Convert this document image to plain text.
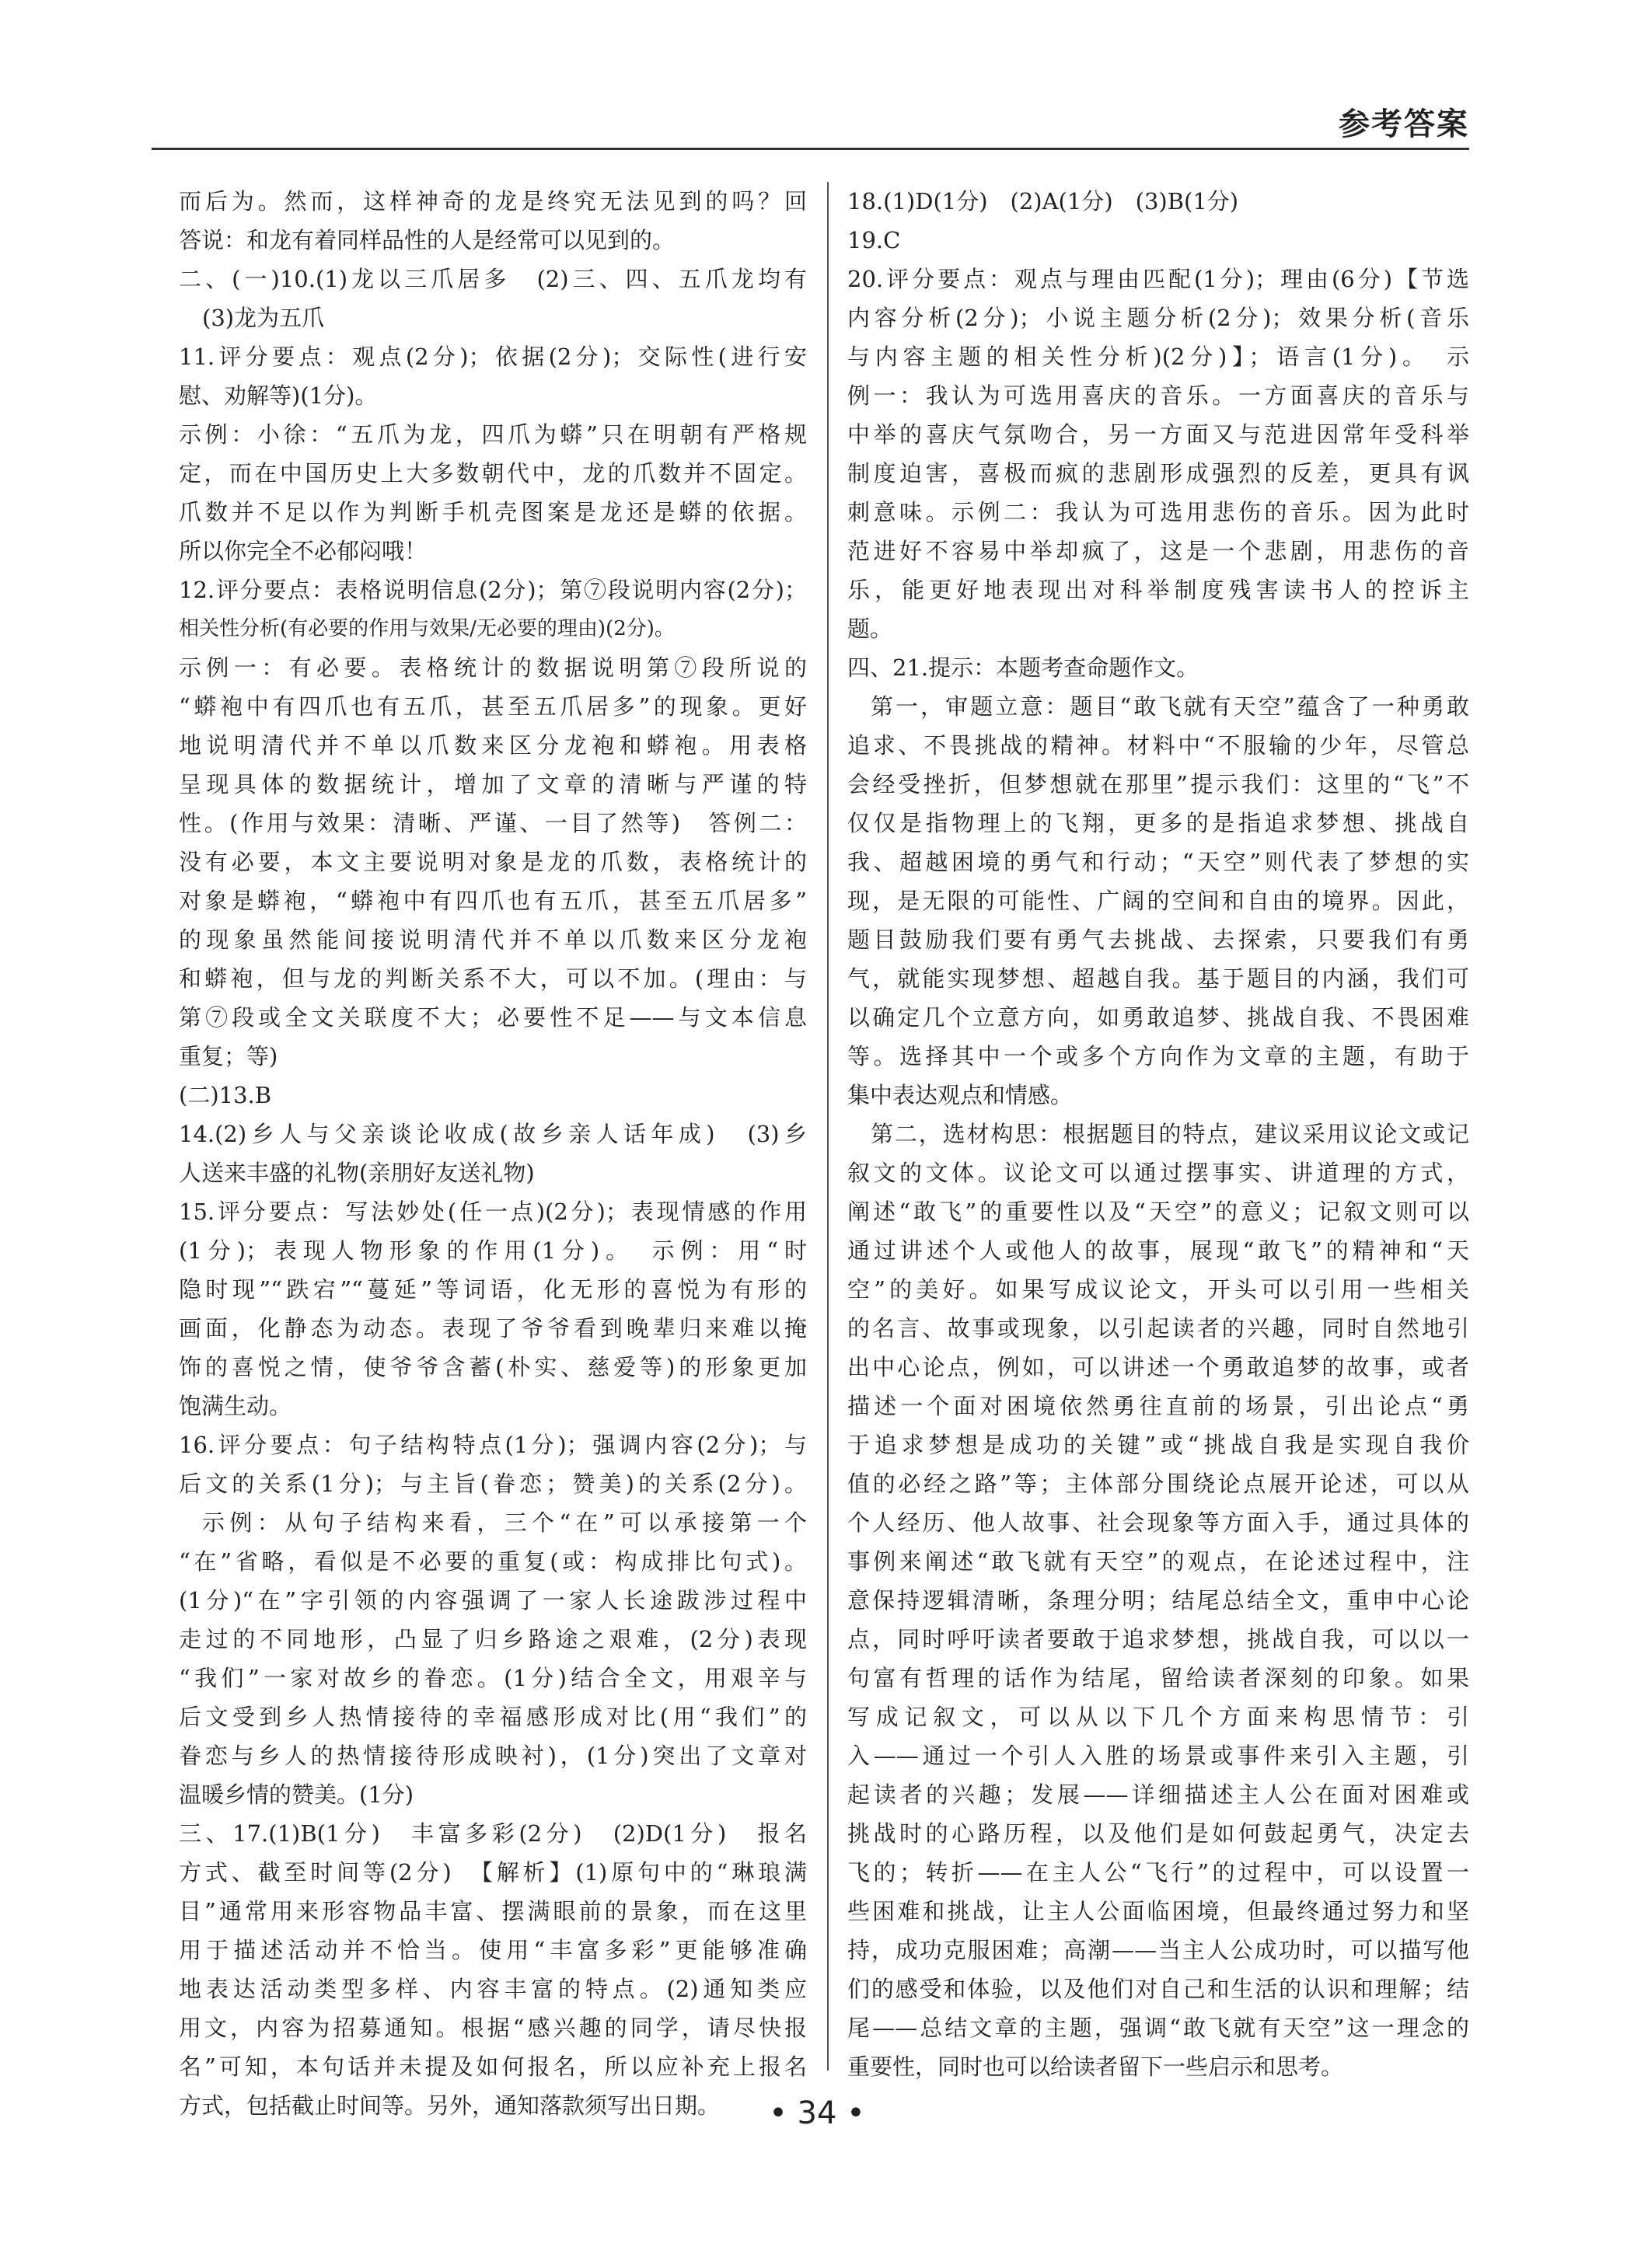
参考答案
而后为。然而，这样神奇的龙是终究无法见到的吗？回
答说：和龙有着同样品性的人是经常可以见到的。
二、(一)10.(1)龙以三爪居多　(2)三、四、五爪龙均有
(3)龙为五爪
11.评分要点：观点(2分)；依据(2分)；交际性(进行安
慰、劝解等)(1分)。
示例：小徐：“五爪为龙，四爪为蟒”只在明朝有严格规
定，而在中国历史上大多数朝代中，龙的爪数并不固定。
爪数并不足以作为判断手机壳图案是龙还是蟒的依据。
所以你完全不必郁闷哦！
12.评分要点：表格说明信息(2分)；第⑦段说明内容(2分)；
相关性分析(有必要的作用与效果/无必要的理由)(2分)。
示例一：有必要。表格统计的数据说明第⑦段所说的
“蟒袍中有四爪也有五爪，甚至五爪居多”的现象。更好
地说明清代并不单以爪数来区分龙袍和蟒袍。用表格
呈现具体的数据统计，增加了文章的清晰与严谨的特
性。(作用与效果：清晰、严谨、一目了然等)　答例二：
没有必要，本文主要说明对象是龙的爪数，表格统计的
对象是蟒袍，“蟒袍中有四爪也有五爪，甚至五爪居多”
的现象虽然能间接说明清代并不单以爪数来区分龙袍
和蟒袍，但与龙的判断关系不大，可以不加。(理由：与
第⑦段或全文关联度不大；必要性不足——与文本信息
重复；等)
(二)13.B
14.(2)乡人与父亲谈论收成(故乡亲人话年成)　(3)乡
人送来丰盛的礼物(亲朋好友送礼物)
15.评分要点：写法妙处(任一点)(2分)；表现情感的作用
(1分)；表现人物形象的作用(1分)。　示例：用“时
隐时现”“跌宕”“蔓延”等词语，化无形的喜悦为有形的
画面，化静态为动态。表现了爷爷看到晚辈归来难以掩
饰的喜悦之情，使爷爷含蓄(朴实、慈爱等)的形象更加
饱满生动。
16.评分要点：句子结构特点(1分)；强调内容(2分)；与
后文的关系(1分)；与主旨(眷恋；赞美)的关系(2分)。
示例：从句子结构来看，三个“在”可以承接第一个
“在”省略，看似是不必要的重复(或：构成排比句式)。
(1分)“在”字引领的内容强调了一家人长途跋涉过程中
走过的不同地形，凸显了归乡路途之艰难，(2分)表现
“我们”一家对故乡的眷恋。(1分)结合全文，用艰辛与
后文受到乡人热情接待的幸福感形成对比(用“我们”的
眷恋与乡人的热情接待形成映衬)，(1分)突出了文章对
温暖乡情的赞美。(1分)
三、17.(1)B(1分)　丰富多彩(2分)　(2)D(1分)　报名
方式、截至时间等(2分)　【解析】(1)原句中的“琳琅满
目”通常用来形容物品丰富、摆满眼前的景象，而在这里
用于描述活动并不恰当。使用“丰富多彩”更能够准确
地表达活动类型多样、内容丰富的特点。(2)通知类应
用文，内容为招募通知。根据“感兴趣的同学，请尽快报
名”可知，本句话并未提及如何报名，所以应补充上报名
方式，包括截止时间等。另外，通知落款须写出日期。
18.(1)D(1分)　(2)A(1分)　(3)B(1分)
19.C
20.评分要点：观点与理由匹配(1分)；理由(6分)【节选
内容分析(2分)；小说主题分析(2分)；效果分析(音乐
与内容主题的相关性分析)(2分)】；语言(1分)。　示
例一：我认为可选用喜庆的音乐。一方面喜庆的音乐与
中举的喜庆气氛吻合，另一方面又与范进因常年受科举
制度迫害，喜极而疯的悲剧形成强烈的反差，更具有讽
刺意味。示例二：我认为可选用悲伤的音乐。因为此时
范进好不容易中举却疯了，这是一个悲剧，用悲伤的音
乐，能更好地表现出对科举制度残害读书人的控诉主
题。
四、21.提示：本题考查命题作文。
第一，审题立意：题目“敢飞就有天空”蕴含了一种勇敢
追求、不畏挑战的精神。材料中“不服输的少年，尽管总
会经受挫折，但梦想就在那里”提示我们：这里的“飞”不
仅仅是指物理上的飞翔，更多的是指追求梦想、挑战自
我、超越困境的勇气和行动；“天空”则代表了梦想的实
现，是无限的可能性、广阔的空间和自由的境界。因此，
题目鼓励我们要有勇气去挑战、去探索，只要我们有勇
气，就能实现梦想、超越自我。基于题目的内涵，我们可
以确定几个立意方向，如勇敢追梦、挑战自我、不畏困难
等。选择其中一个或多个方向作为文章的主题，有助于
集中表达观点和情感。
第二，选材构思：根据题目的特点，建议采用议论文或记
叙文的文体。议论文可以通过摆事实、讲道理的方式，
阐述“敢飞”的重要性以及“天空”的意义；记叙文则可以
通过讲述个人或他人的故事，展现“敢飞”的精神和“天
空”的美好。如果写成议论文，开头可以引用一些相关
的名言、故事或现象，以引起读者的兴趣，同时自然地引
出中心论点，例如，可以讲述一个勇敢追梦的故事，或者
描述一个面对困境依然勇往直前的场景，引出论点“勇
于追求梦想是成功的关键”或“挑战自我是实现自我价
值的必经之路”等；主体部分围绕论点展开论述，可以从
个人经历、他人故事、社会现象等方面入手，通过具体的
事例来阐述“敢飞就有天空”的观点，在论述过程中，注
意保持逻辑清晰，条理分明；结尾总结全文，重申中心论
点，同时呼吁读者要敢于追求梦想，挑战自我，可以以一
句富有哲理的话作为结尾，留给读者深刻的印象。如果
写成记叙文，可以从以下几个方面来构思情节：引
入——通过一个引人入胜的场景或事件来引入主题，引
起读者的兴趣；发展——详细描述主人公在面对困难或
挑战时的心路历程，以及他们是如何鼓起勇气，决定去
飞的；转折——在主人公“飞行”的过程中，可以设置一
些困难和挑战，让主人公面临困境，但最终通过努力和坚
持，成功克服困难；高潮——当主人公成功时，可以描写他
们的感受和体验，以及他们对自己和生活的认识和理解；结
尾——总结文章的主题，强调“敢飞就有天空”这一理念的
重要性，同时也可以给读者留下一些启示和思考。
• 34 •
